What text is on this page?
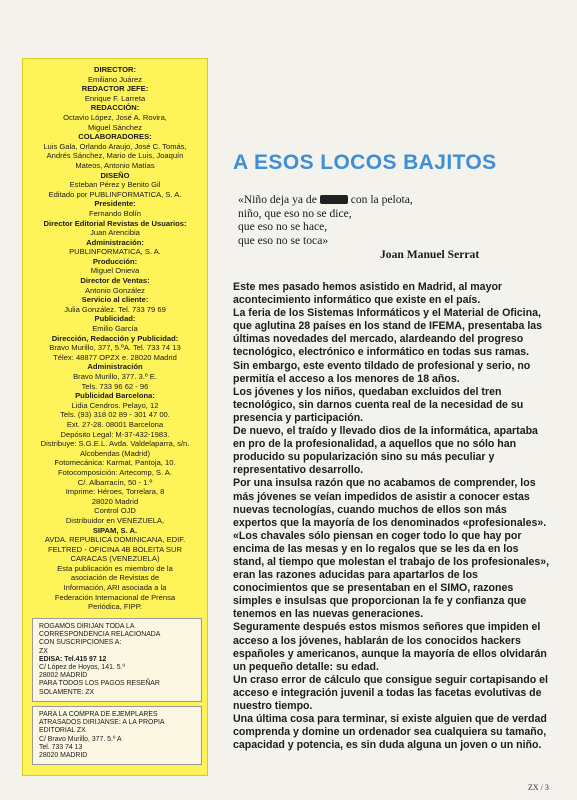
DIRECTOR:
Emiliano Juárez
REDACTOR JEFE:
Enrique F. Larreta
REDACCIÓN:
Octavio López, José A. Rovira,
Miguel Sánchez
COLABORADORES:
Luis Gala, Orlando Araujo, José C. Tomás,
Andrés Sánchez, Mario de Luis, Joaquín
Mateos, Antonio Matías
DISEÑO
Esteban Pérez y Benito Gil
Editado por PUBLINFORMATICA, S. A.
Presidente:
Fernando Bolín
Director Editorial Revistas de Usuarios:
Juan Arencibia
Administración:
PUBLINFORMATICA, S. A.
Producción:
Miguel Onieva
Director de Ventas:
Antonio González
Servicio al cliente:
Julia González. Tel. 733 79 69
Publicidad:
Emilio García
Dirección, Redacción y Publicidad:
Bravo Murillo, 377, 5.ºA. Tel. 733 74 13
Télex: 48877 OPZX e. 28020 Madrid
Administración
Bravo Murillo, 377. 3.º E.
Tels. 733 96 62 - 96
Publicidad Barcelona:
Lidia Cendros. Pelayo, 12
Tels. (93) 318 02 89 - 301 47 00.
Ext. 27-28. 08001 Barcelona
Depósito Legal: M-37-432-1983.
Distribuye: S.G.E.L. Avda. Valdelaparra, s/n.
Alcobendas (Madrid)
Fotomecánica: Karmat, Pantoja, 10.
Fotocomposición: Artecomp, S. A.
C/. Albarracín, 50 - 1.º
Imprime: Héroes, Torrelara, 8
28020 Madrid
Control OJD
Distribuidor en VENEZUELA,
SIPAM, S. A.
AVDA. REPUBLICA DOMINICANA, EDIF.
FELTRED - OFICINA 4B BOLEITA SUR
CARACAS (VENEZUELA)
Esta publicación es miembro de la
asociación de Revistas de
Información, ARI asociada a la
Federación Internacional de Prensa
Periódica, FIPP.
ROGAMOS DIRIJAN TODA LA
CORRESPONDENCIA RELACIONADA
CON SUSCRIPCIONES A:
ZX
EDISA: Tel.415 97 12
C/ López de Hoyos, 141. 5.º
28002 MADRID
PARA TODOS LOS PAGOS RESEÑAR
SOLAMENTE: ZX
PARA LA COMPRA DE EJEMPLARES
ATRASADOS DIRIJANSE: A LA PROPIA
EDITORIAL ZX
C/ Bravo Murillo, 377. 5.º A
Tel. 733 74 13
28020 MADRID
A ESOS LOCOS BAJITOS
«Niño deja ya de	con la pelota,
niño, que eso no se dice,
que eso no se hace,
que eso no se toca»
Joan Manuel Serrat

Este mes pasado hemos asistido en Madrid, al mayor acontecimiento informático que existe en el país.

La feria de los Sistemas Informáticos y el Material de Oficina, que aglutina 28 países en los stand de IFEMA, presentaba las últimas novedades del mercado, alardeando del progreso tecnológico, electrónico e informático en todas sus ramas.

Sin embargo, este evento tildado de profesional y serio, no permitía el acceso a los menores de 18 años.

Los jóvenes y los niños, quedaban excluidos del tren tecnológico, sin darnos cuenta real de la necesidad de su presencia y participación.

De nuevo, el traído y llevado dios de la informática, apartaba en pro de la profesionalidad, a aquellos que no sólo han producido su popularización sino su más peculiar y representativo desarrollo.

Por una insulsa razón que no acabamos de comprender, los más jóvenes se veían impedidos de asistir a conocer estas nuevas tecnologías, cuando muchos de ellos son más expertos que la mayoría de los denominados «profesionales».

«Los chavales sólo piensan en coger todo lo que hay por encima de las mesas y en lo regalos que se les da en los stand, al tiempo que molestan el trabajo de los profesionales», eran las razones aducidas para apartarlos de los conocimientos que se presentaban en el SIMO, razones simples e insulsas que proporcionan la fe y confianza que tenemos en las nuevas generaciones.

Seguramente después estos mismos señores que impiden el acceso a los jóvenes, hablarán de los conocidos hackers españoles y americanos, aunque la mayoría de ellos olvidarán un pequeño detalle: su edad.

Un craso error de cálculo que consigue seguir cortapisando el acceso e integración juvenil a todas las facetas evolutivas de nuestro tiempo.

Una última cosa para terminar, si existe alguien que de verdad comprenda y domine un ordenador sea cualquiera su tamaño, capacidad y potencia, es sin duda alguna un joven o un niño.

ZX / 3
